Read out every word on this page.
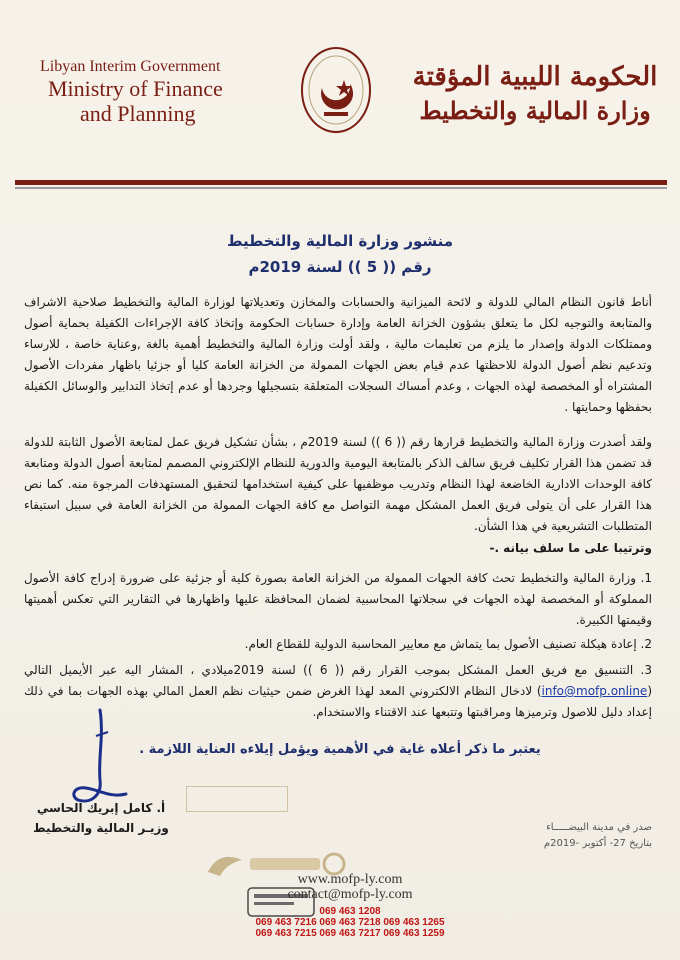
Libyan Interim Government
Ministry of Finance
and Planning
الحكومة الليبية المؤقتة
وزارة المالية والتخطيط
منشور وزارة المالية والتخطيط
رقم (( 5 )) لسنة 2019م
أناط قانون النظام المالي للدولة و لائحة الميزانية والحسابات والمخازن وتعديلاتها لوزارة المالية والتخطيط صلاحية الاشراف والمتابعة والتوجيه لكل ما يتعلق بشؤون الخزانة العامة وإدارة حسابات الحكومة وإتخاذ كافة الإجراءات الكفيلة بحماية أصول وممتلكات الدولة وإصدار ما يلزم من تعليمات مالية ، ولقد أولت وزارة المالية والتخطيط أهمية بالغة ,وعناية خاصة ، للارساء وتدعيم نظم أصول الدولة للاحظتها عدم قيام بعض الجهات الممولة من الخزانة العامة كليا أو جزئيا باظهار مفردات الأصول المشتراه أو المخصصة لهذه الجهات ، وعدم أمساك السجلات المتعلقة بتسجيلها وجردها أو عدم إتخاذ التدابير والوسائل الكفيلة بحفظها وحمايتها .
ولقد أصدرت وزارة المالية والتخطيط قرارها رقم (( 6 )) لسنة 2019م ، بشأن تشكيل فريق عمل لمتابعة الأصول الثابتة للدولة قد تضمن هذا القرار تكليف فريق سالف الذكر بالمتابعة اليومية والدورية للنظام الإلكتروني المصمم لمتابعة أصول الدولة ومتابعة كافة الوحدات الادارية الخاضعة لهذا النظام وتدريب موظفيها على كيفية استخدامها لتحقيق المستهدفات المرجوة منه. كما نص هذا القرار على أن يتولى فريق العمل المشكل مهمة التواصل مع كافة الجهات الممولة من الخزانة العامة في سبيل استيفاء المتطلبات التشريعية في هذا الشأن.
وترتيبا على ما سلف بيانه .-
1. وزارة المالية والتخطيط تحث كافة الجهات الممولة من الخزانة العامة بصورة كلية أو جزئية على ضرورة إدراج كافة الأصول المملوكة أو المخصصة لهذه الجهات في سجلاتها المحاسبية لضمان المحافظة عليها واظهارها في التقارير التي تعكس أهميتها وقيمتها الكبيرة.
2. إعادة هيكلة تصنيف الأصول بما يتماش مع معايير المحاسبة الدولية للقطاع العام.
3. التنسيق مع فريق العمل المشكل بموجب القرار رقم (( 6 )) لسنة 2019ميلادي ، المشار اليه عبر الأيميل التالي (info@mofp.online) لادخال النظام الالكتروني المعد لهذا الغرض ضمن حيثيات نظم العمل المالي بهذه الجهات بما في ذلك إعداد دليل للاصول وترميزها ومراقبتها وتتبعها عند الاقتناء والاستخدام.
يعتبر ما ذكر أعلاه غاية في الأهمية ويؤمل إيلاءه العناية اللازمة .
أ. كامل إبريك الحاسي
وزيـر المالية والتخطيط	صدر في مدينة البيضـــــاء
بتاريخ 27- أكتوبر -2019م
www.mofp-ly.com
contact@mofp-ly.com
069 463 1208
069 463 7216 069 463 7218 069 463 1265
069 463 7215 069 463 7217 069 463 1259
